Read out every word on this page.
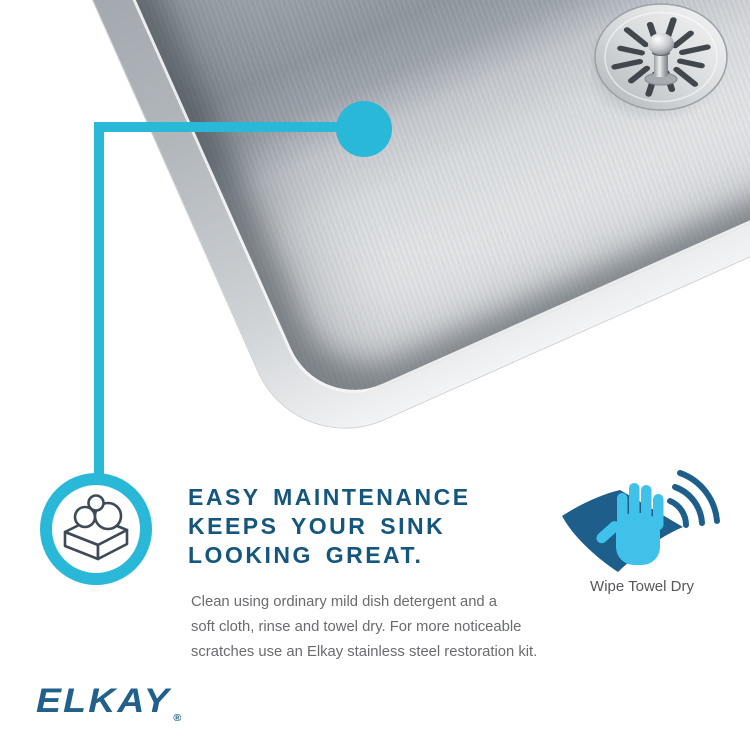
EASY MAINTENANCE
KEEPS YOUR SINK
LOOKING GREAT.
Clean using ordinary mild dish detergent and a
soft cloth, rinse and towel dry. For more noticeable
scratches use an Elkay stainless steel restoration kit.
Wipe Towel Dry
ELKAY $_®$
